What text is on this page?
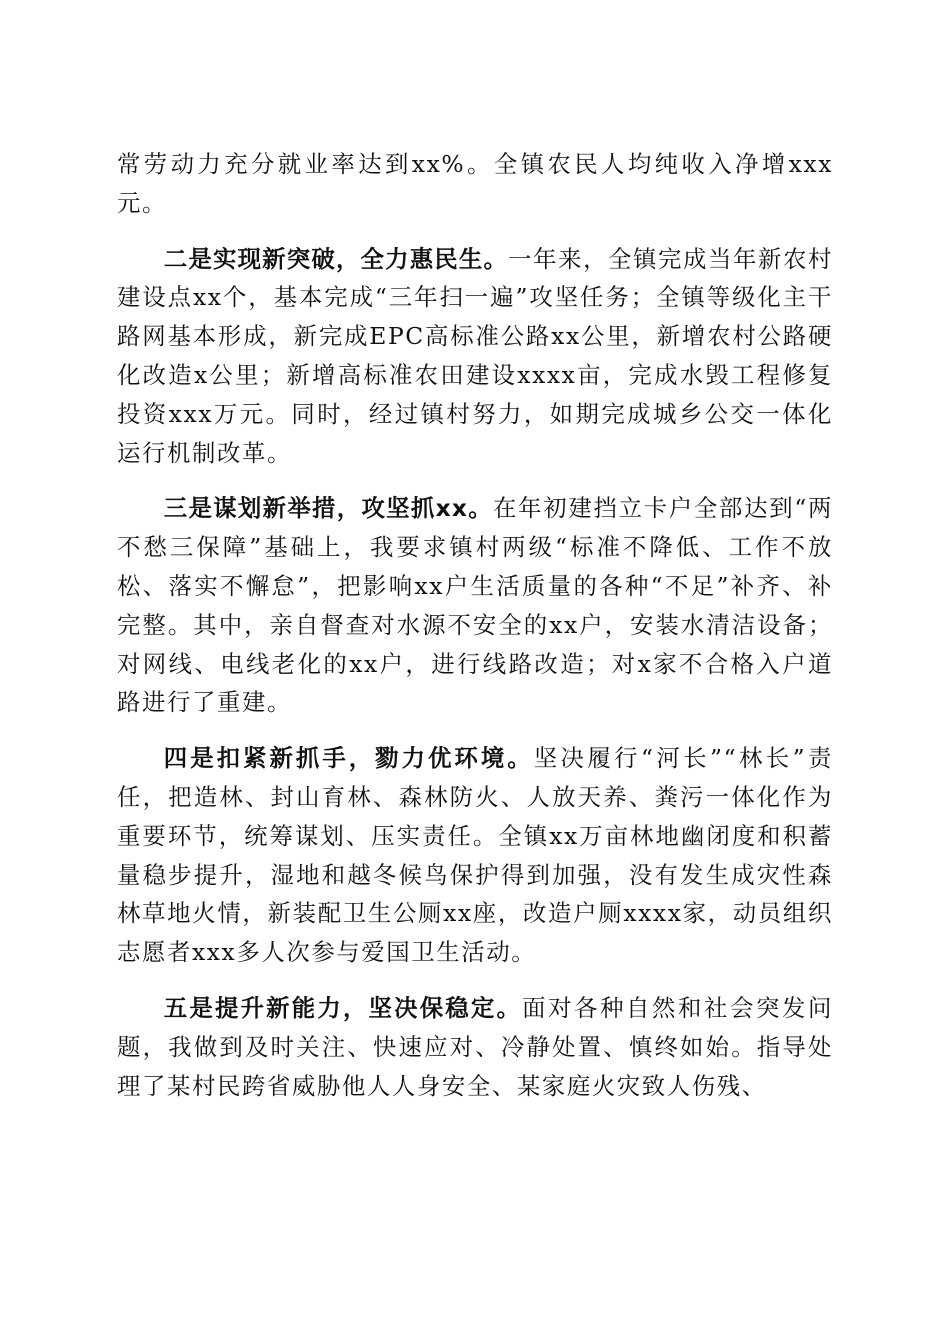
常劳动力充分就业率达到xx%。全镇农民人均纯收入净增xxx元。

二是实现新突破，全力惠民生。一年来，全镇完成当年新农村建设点xx个，基本完成“三年扫一遍”攻坚任务；全镇等级化主干路网基本形成，新完成EPC高标准公路xx公里，新增农村公路硬化改造x公里；新增高标准农田建设xxxx亩，完成水毁工程修复投资xxx万元。同时，经过镇村努力，如期完成城乡公交一体化运行机制改革。

三是谋划新举措，攻坚抓xx。在年初建挡立卡户全部达到“两不愁三保障”基础上，我要求镇村两级“标准不降低、工作不放松、落实不懈怠”，把影响xx户生活质量的各种“不足”补齐、补完整。其中，亲自督查对水源不安全的xx户，安装水清洁设备；对网线、电线老化的xx户，进行线路改造；对x家不合格入户道路进行了重建。

四是扣紧新抓手，勠力优环境。坚决履行“河长”“林长”责任，把造林、封山育林、森林防火、人放天养、粪污一体化作为重要环节，统筹谋划、压实责任。全镇xx万亩林地幽闭度和积蓄量稳步提升，湿地和越冬候鸟保护得到加强，没有发生成灾性森林草地火情，新装配卫生公厕xx座，改造户厕xxxx家，动员组织志愿者xxx多人次参与爱国卫生活动。

五是提升新能力，坚决保稳定。面对各种自然和社会突发问题，我做到及时关注、快速应对、冷静处置、慎终如始。指导处理了某村民跨省威胁他人人身安全、某家庭火灾致人伤残、
